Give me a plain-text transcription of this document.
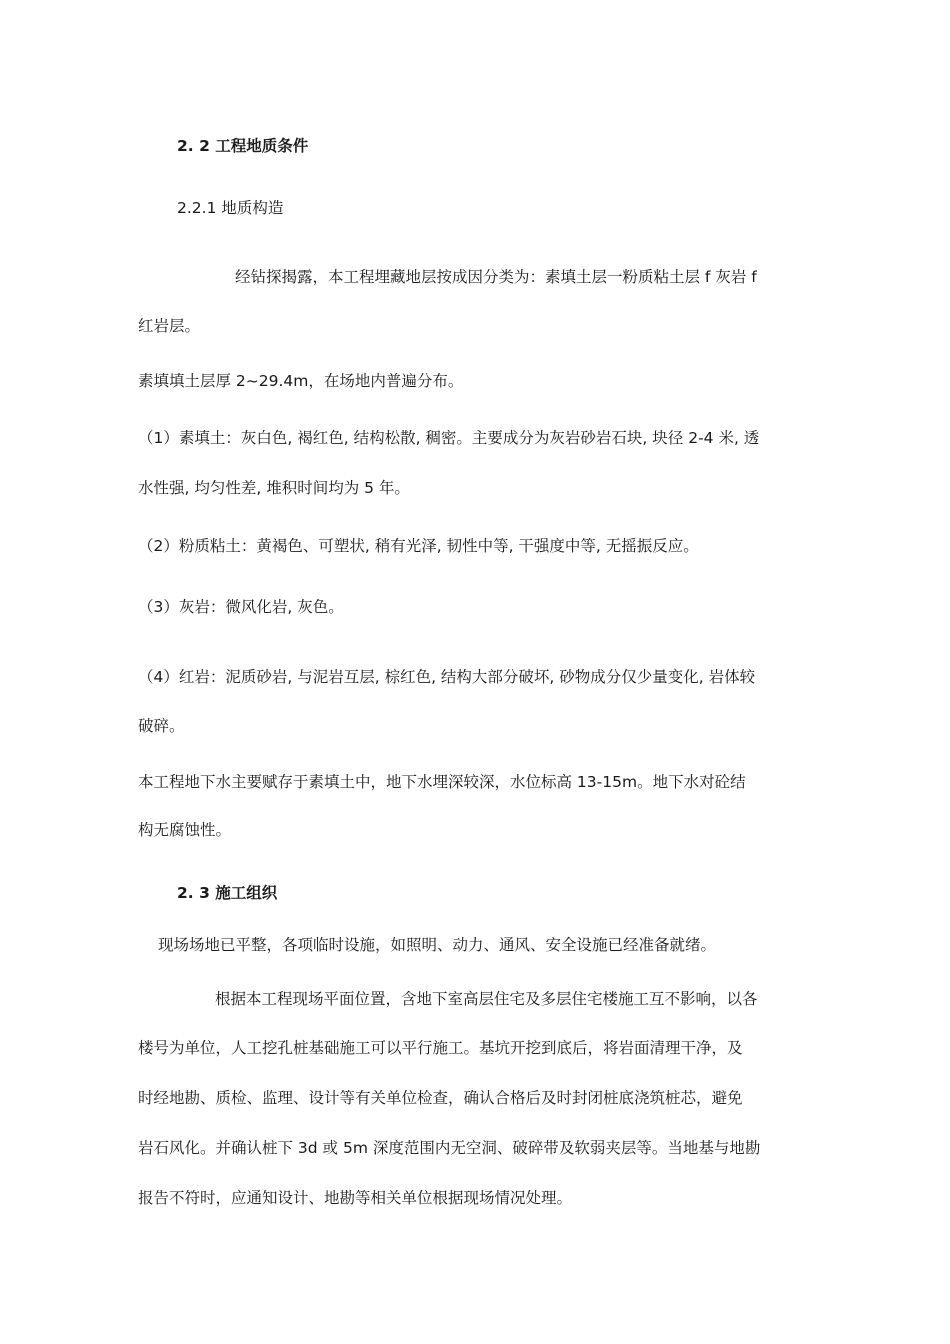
2. 2 工程地质条件
2.2.1 地质构造
经钻探揭露，本工程埋藏地层按成因分类为：素填土层一粉质粘土层 f 灰岩 f
红岩层。
素填填土层厚 2~29.4m，在场地内普遍分布。
（1）素填土：灰白色, 褐红色, 结构松散, 稠密。主要成分为灰岩砂岩石块, 块径 2-4 米, 透
水性强, 均匀性差, 堆积时间均为 5 年。
（2）粉质粘土：黄褐色、可塑状, 稍有光泽, 韧性中等, 干强度中等, 无摇振反应。
（3）灰岩：微风化岩, 灰色。
（4）红岩：泥质砂岩, 与泥岩互层, 棕红色, 结构大部分破坏, 砂物成分仅少量变化, 岩体较
破碎。
本工程地下水主要赋存于素填土中，地下水埋深较深，水位标高 13-15m。地下水对砼结
构无腐蚀性。
2. 3 施工组织
现场场地已平整，各项临时设施，如照明、动力、通风、安全设施已经准备就绪。
根据本工程现场平面位置，含地下室高层住宅及多层住宅楼施工互不影响，以各
楼号为单位，人工挖孔桩基础施工可以平行施工。基坑开挖到底后，将岩面清理干净，及
时经地勘、质检、监理、设计等有关单位检查，确认合格后及时封闭桩底浇筑桩芯，避免
岩石风化。并确认桩下 3d 或 5m 深度范围内无空洞、破碎带及软弱夹层等。当地基与地勘
报告不符时，应通知设计、地勘等相关单位根据现场情况处理。
